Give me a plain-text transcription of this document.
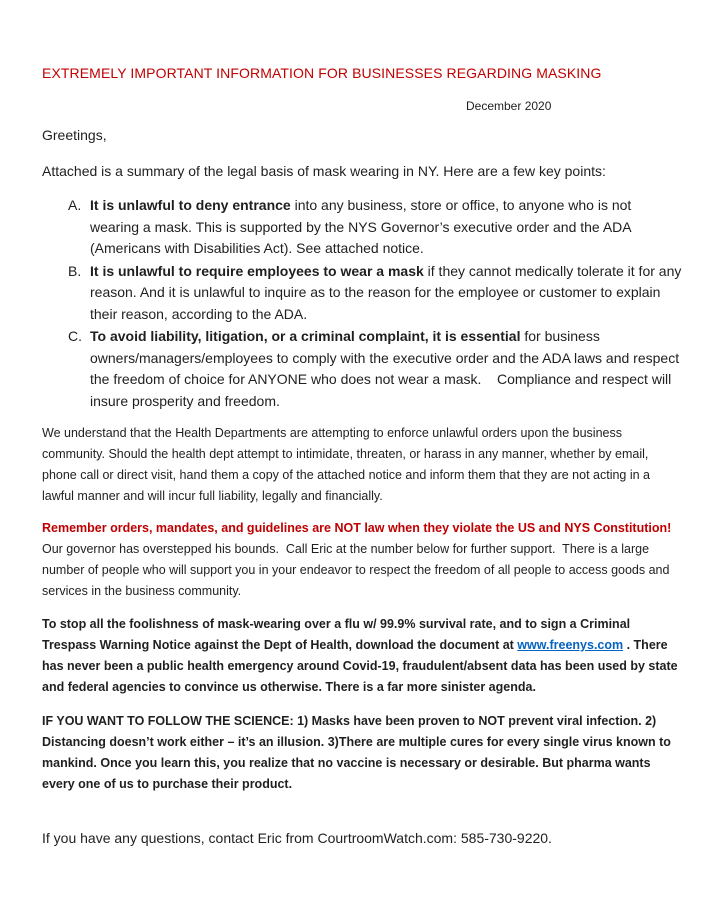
EXTREMELY IMPORTANT INFORMATION FOR BUSINESSES REGARDING MASKING
December 2020

Greetings,

Attached is a summary of the legal basis of mask wearing in NY. Here are a few key points:

A. It is unlawful to deny entrance into any business, store or office, to anyone who is not wearing a mask. This is supported by the NYS Governor’s executive order and the ADA (Americans with Disabilities Act). See attached notice.
B. It is unlawful to require employees to wear a mask if they cannot medically tolerate it for any reason. And it is unlawful to inquire as to the reason for the employee or customer to explain their reason, according to the ADA.
C. To avoid liability, litigation, or a criminal complaint, it is essential for business owners/managers/employees to comply with the executive order and the ADA laws and respect the freedom of choice for ANYONE who does not wear a mask.    Compliance and respect will insure prosperity and freedom.

We understand that the Health Departments are attempting to enforce unlawful orders upon the business community. Should the health dept attempt to intimidate, threaten, or harass in any manner, whether by email, phone call or direct visit, hand them a copy of the attached notice and inform them that they are not acting in a lawful manner and will incur full liability, legally and financially.

Remember orders, mandates, and guidelines are NOT law when they violate the US and NYS Constitution! Our governor has overstepped his bounds.  Call Eric at the number below for further support.  There is a large number of people who will support you in your endeavor to respect the freedom of all people to access goods and services in the business community.

To stop all the foolishness of mask-wearing over a flu w/ 99.9% survival rate, and to sign a Criminal Trespass Warning Notice against the Dept of Health, download the document at www.freenys.com . There has never been a public health emergency around Covid-19, fraudulent/absent data has been used by state and federal agencies to convince us otherwise. There is a far more sinister agenda.

IF YOU WANT TO FOLLOW THE SCIENCE: 1) Masks have been proven to NOT prevent viral infection. 2) Distancing doesn’t work either – it’s an illusion. 3)There are multiple cures for every single virus known to mankind. Once you learn this, you realize that no vaccine is necessary or desirable. But pharma wants every one of us to purchase their product.

If you have any questions, contact Eric from CourtroomWatch.com: 585-730-9220.
